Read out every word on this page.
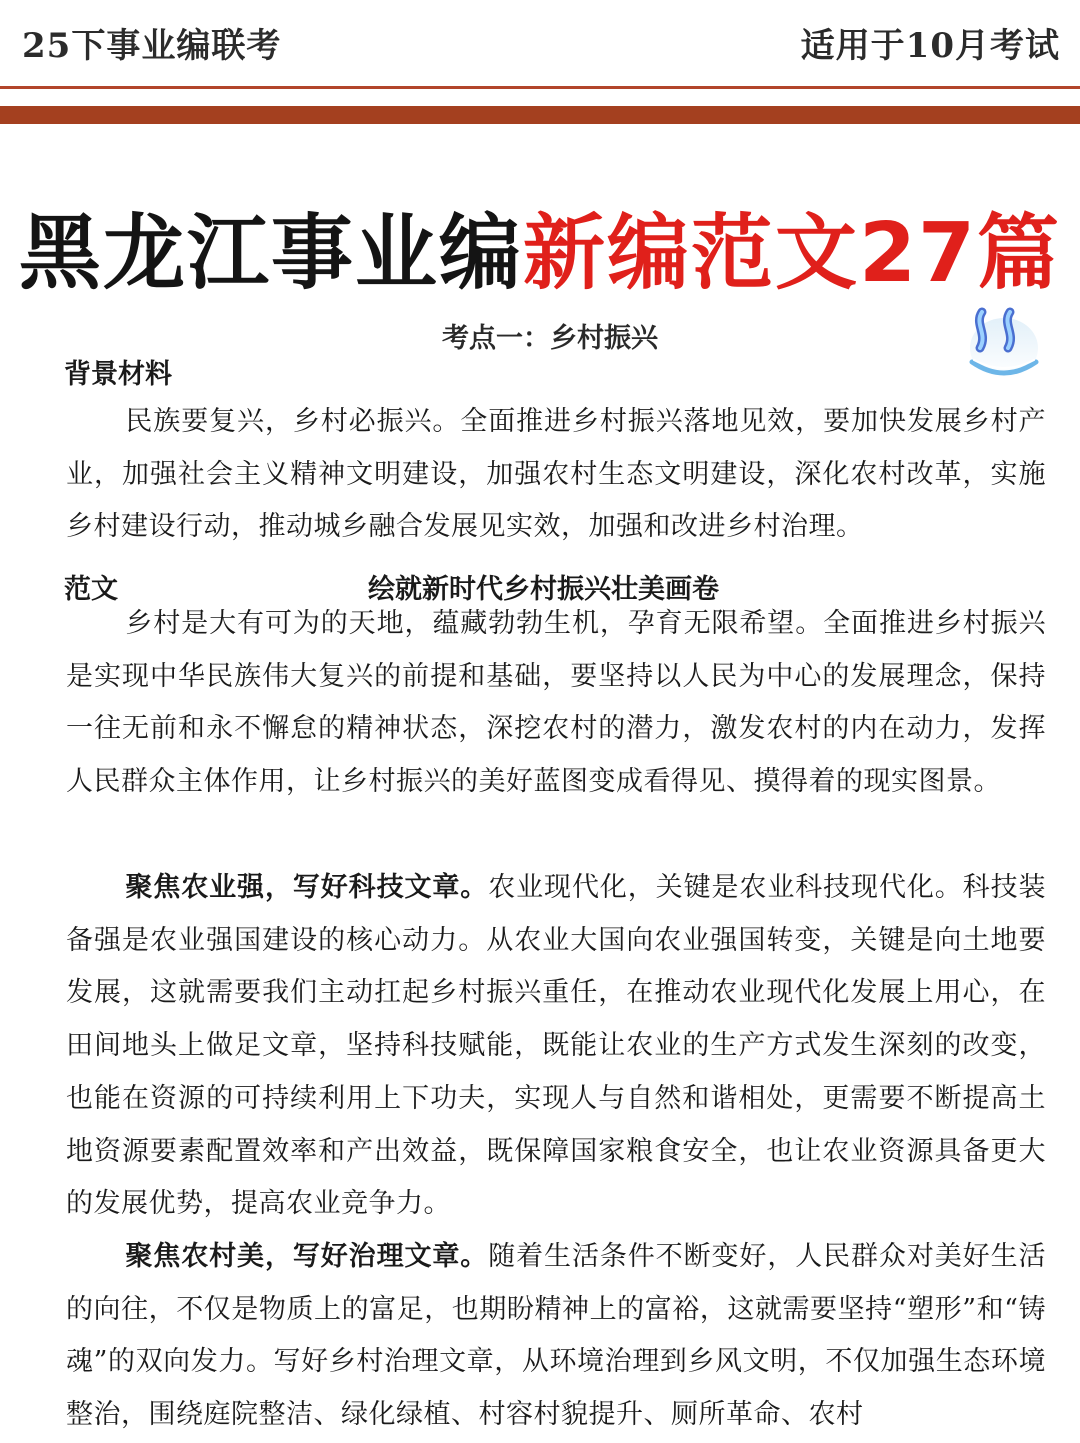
25下事业编联考	适用于10月考试
黑龙江事业编新编范文27篇
考点一：乡村振兴
背景材料

民族要复兴，乡村必振兴。全面推进乡村振兴落地见效，要加快发展乡村产业，加强社会主义精神文明建设，加强农村生态文明建设，深化农村改革，实施乡村建设行动，推动城乡融合发展见实效，加强和改进乡村治理。

范文	绘就新时代乡村振兴壮美画卷

乡村是大有可为的天地，蕴藏勃勃生机，孕育无限希望。全面推进乡村振兴是实现中华民族伟大复兴的前提和基础，要坚持以人民为中心的发展理念，保持一往无前和永不懈怠的精神状态，深挖农村的潜力，激发农村的内在动力，发挥人民群众主体作用，让乡村振兴的美好蓝图变成看得见、摸得着的现实图景。

聚焦农业强，写好科技文章。农业现代化，关键是农业科技现代化。科技装备强是农业强国建设的核心动力。从农业大国向农业强国转变，关键是向土地要发展，这就需要我们主动扛起乡村振兴重任，在推动农业现代化发展上用心，在田间地头上做足文章，坚持科技赋能，既能让农业的生产方式发生深刻的改变，也能在资源的可持续利用上下功夫，实现人与自然和谐相处，更需要不断提高土地资源要素配置效率和产出效益，既保障国家粮食安全，也让农业资源具备更大的发展优势，提高农业竞争力。

聚焦农村美，写好治理文章。随着生活条件不断变好，人民群众对美好生活的向往，不仅是物质上的富足，也期盼精神上的富裕，这就需要坚持“塑形”和“铸魂”的双向发力。写好乡村治理文章，从环境治理到乡风文明，不仅加强生态环境整治，围绕庭院整洁、绿化绿植、村容村貌提升、厕所革命、农村
